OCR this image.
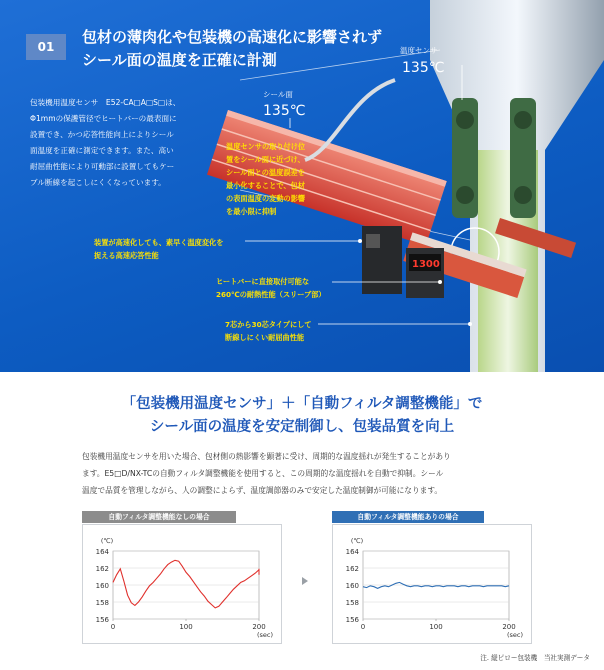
1300
01
包材の薄肉化や包装機の高速化に影響されず
シール面の温度を正確に計測
包装機用温度センサ　E52-CA□A□S□は、
Φ1mmの保護管径でヒートバーの最表面に
設置でき、かつ応答性能向上によりシール
面温度を正確に測定できます。また、高い
耐屈曲性能により可動部に設置してもケー
ブル断線を起こしにくくなっています。
温度センサ
135℃
シール面
135℃
温度センサの取り付け位
置をシール面に近づけ、
シール面との温度誤差を
最小化することで、包材
の表面温度の変動の影響
を最小限に抑制
装置が高速化しても、素早く温度変化を
捉える高速応答性能
ヒートバーに直接取付可能な
260℃の耐熱性能（スリーブ部）
7芯から30芯タイプにして
断線しにくい耐屈曲性能
「包装機用温度センサ」＋「自動フィルタ調整機能」で
シール面の温度を安定制御し、包装品質を向上
包装機用温度センサを用いた場合、包材側の熱影響を顕著に受け、周期的な温度揺れが発生することがあり
ます。E5□D/NX-TCの自動フィルタ調整機能を使用すると、この周期的な温度揺れを自動で抑制。シール
温度で品質を管理しながら、人の調整によらず、温度調節器のみで安定した温度制御が可能になります。
自動フィルタ調整機能なしの場合
156
158
160
162
164
0	100	200
(℃)
(sec)
自動フィルタ調整機能ありの場合
156
158
160
162
164
0	100	200
(℃)
(sec)
注. 縦ピロー包装機　当社実測データ
